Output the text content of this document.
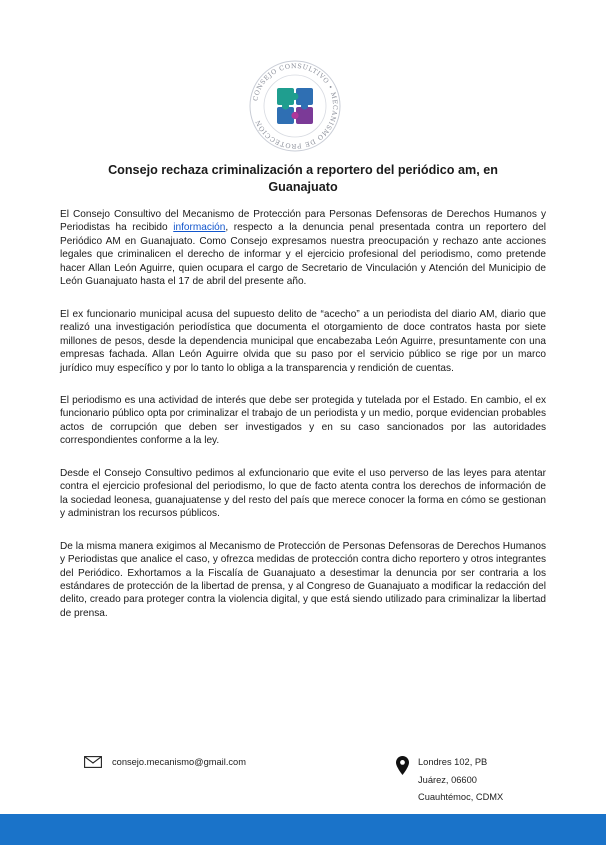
CONSEJO CONSULTIVO • MECANISMO DE PROTECCIÓN
Consejo rechaza criminalización a reportero del periódico am, en
Guanajuato

El Consejo Consultivo del Mecanismo de Protección para Personas Defensoras de Derechos Humanos y Periodistas ha recibido información, respecto a la denuncia penal presentada contra un reportero del Periódico AM en Guanajuato. Como Consejo expresamos nuestra preocupación y rechazo ante acciones legales que criminalicen el derecho de informar y el ejercicio profesional del periodismo, como pretende hacer Allan León Aguirre, quien ocupara el cargo de Secretario de Vinculación y Atención del Municipio de León Guanajuato hasta el 17 de abril del presente año.

El ex funcionario municipal acusa del supuesto delito de “acecho” a un periodista del diario AM, diario que realizó una investigación periodística que documenta el otorgamiento de doce contratos hasta por siete millones de pesos, desde la dependencia municipal que encabezaba León Aguirre, presuntamente con una empresas fachada. Allan León Aguirre olvida que su paso por el servicio público se rige por un marco jurídico muy específico y por lo tanto lo obliga a la transparencia y rendición de cuentas.

El periodismo es una actividad de interés que debe ser protegida y tutelada por el Estado. En cambio, el ex funcionario público opta por criminalizar el trabajo de un periodista y un medio, porque evidencian probables actos de corrupción que deben ser investigados y en su caso sancionados por las autoridades correspondientes conforme a la ley.

Desde el Consejo Consultivo pedimos al exfuncionario que evite el uso perverso de las leyes para atentar contra el ejercicio profesional del periodismo, lo que de facto atenta contra los derechos de información de la sociedad leonesa, guanajuatense y del resto del país que merece conocer la forma en cómo se gestionan y administran los recursos públicos.

De la misma manera exigimos al Mecanismo de Protección de Personas Defensoras de Derechos Humanos y Periodistas que analice el caso, y ofrezca medidas de protección contra dicho reportero y otros integrantes del Periódico. Exhortamos a la Fiscalía de Guanajuato a desestimar la denuncia por ser contraria a los estándares de protección de la libertad de prensa, y al Congreso de Guanajuato a modificar la redacción del delito, creado para proteger contra la violencia digital, y que está siendo utilizado para criminalizar la libertad de prensa.

consejo.mecanismo@gmail.com	Londres 102, PB
Juárez, 06600
Cuauhtémoc, CDMX
